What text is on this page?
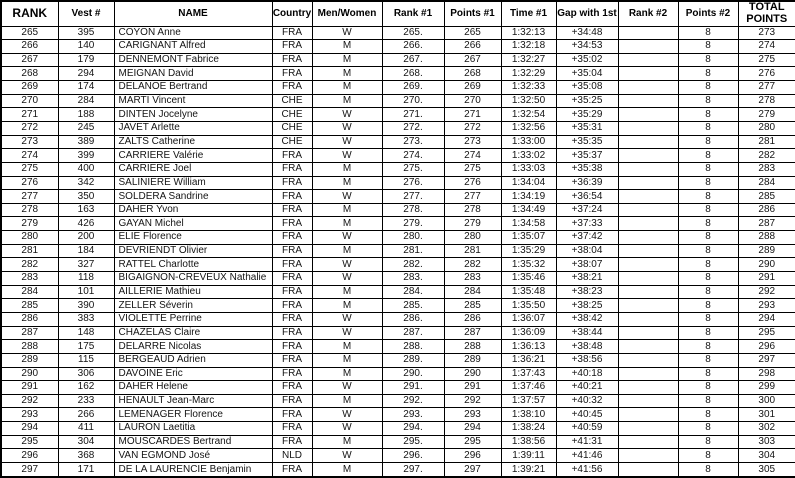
RANK	Vest #	NAME	Country	Men/Women	Rank #1	Points #1	Time #1	Gap with 1st	Rank #2	Points #2	TOTAL POINTS
265	395	COYON Anne	FRA	W	265.	265	1:32:13	+34:48		8	273
266	140	CARIGNANT Alfred	FRA	M	266.	266	1:32:18	+34:53		8	274
267	179	DENNEMONT Fabrice	FRA	M	267.	267	1:32:27	+35:02		8	275
268	294	MEIGNAN David	FRA	M	268.	268	1:32:29	+35:04		8	276
269	174	DELANOE Bertrand	FRA	M	269.	269	1:32:33	+35:08		8	277
270	284	MARTI Vincent	CHE	M	270.	270	1:32:50	+35:25		8	278
271	188	DINTEN Jocelyne	CHE	W	271.	271	1:32:54	+35:29		8	279
272	245	JAVET Arlette	CHE	W	272.	272	1:32:56	+35:31		8	280
273	389	ZALTS Catherine	CHE	W	273.	273	1:33:00	+35:35		8	281
274	399	CARRIERE Valérie	FRA	W	274.	274	1:33:02	+35:37		8	282
275	400	CARRIERE Joel	FRA	M	275.	275	1:33:03	+35:38		8	283
276	342	SALINIERE William	FRA	M	276.	276	1:34:04	+36:39		8	284
277	350	SOLDERA Sandrine	FRA	W	277.	277	1:34:19	+36:54		8	285
278	163	DAHER Yvon	FRA	M	278.	278	1:34:49	+37:24		8	286
279	426	GAYAN Michel	FRA	M	279.	279	1:34:58	+37:33		8	287
280	200	ELIE Florence	FRA	W	280.	280	1:35:07	+37:42		8	288
281	184	DEVRIENDT Olivier	FRA	M	281.	281	1:35:29	+38:04		8	289
282	327	RATTEL Charlotte	FRA	W	282.	282	1:35:32	+38:07		8	290
283	118	BIGAIGNON-CREVEUX Nathalie	FRA	W	283.	283	1:35:46	+38:21		8	291
284	101	AILLERIE Mathieu	FRA	M	284.	284	1:35:48	+38:23		8	292
285	390	ZELLER Séverin	FRA	M	285.	285	1:35:50	+38:25		8	293
286	383	VIOLETTE Perrine	FRA	W	286.	286	1:36:07	+38:42		8	294
287	148	CHAZELAS Claire	FRA	W	287.	287	1:36:09	+38:44		8	295
288	175	DELARRE Nicolas	FRA	M	288.	288	1:36:13	+38:48		8	296
289	115	BERGEAUD Adrien	FRA	M	289.	289	1:36:21	+38:56		8	297
290	306	DAVOINE Eric	FRA	M	290.	290	1:37:43	+40:18		8	298
291	162	DAHER Helene	FRA	W	291.	291	1:37:46	+40:21		8	299
292	233	HENAULT Jean-Marc	FRA	M	292.	292	1:37:57	+40:32		8	300
293	266	LEMENAGER Florence	FRA	W	293.	293	1:38:10	+40:45		8	301
294	411	LAURON Laetitia	FRA	W	294.	294	1:38:24	+40:59		8	302
295	304	MOUSCARDES Bertrand	FRA	M	295.	295	1:38:56	+41:31		8	303
296	368	VAN EGMOND José	NLD	W	296.	296	1:39:11	+41:46		8	304
297	171	DE LA LAURENCIE Benjamin	FRA	M	297.	297	1:39:21	+41:56		8	305
